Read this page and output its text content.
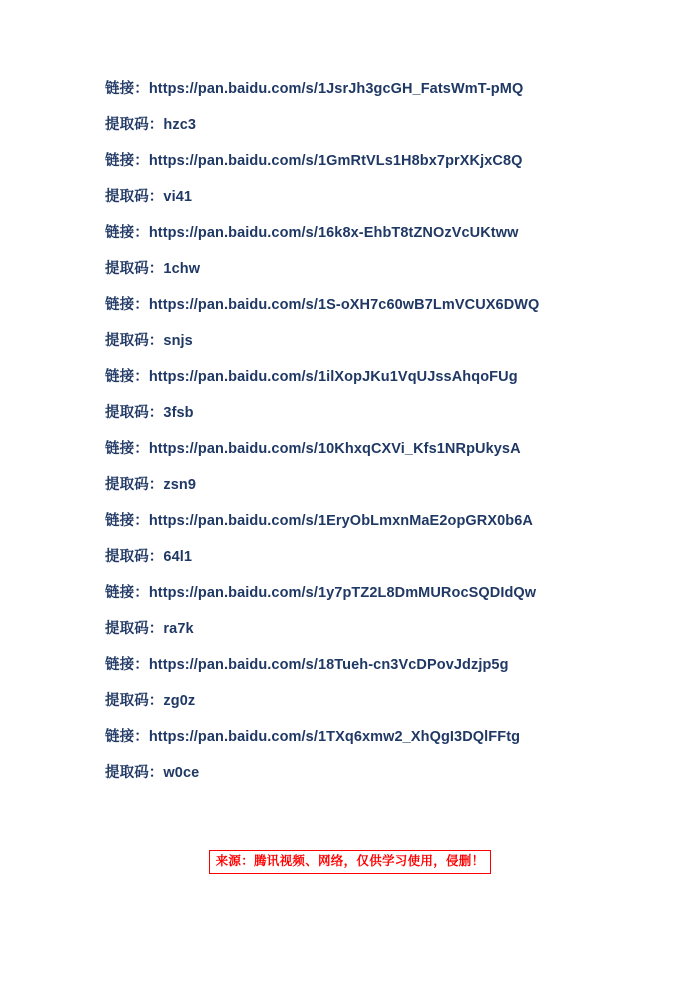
链接：https://pan.baidu.com/s/1JsrJh3gcGH_FatsWmT-pMQ
提取码：hzc3
链接：https://pan.baidu.com/s/1GmRtVLs1H8bx7prXKjxC8Q
提取码：vi41
链接：https://pan.baidu.com/s/16k8x-EhbT8tZNOzVcUKtww
提取码：1chw
链接：https://pan.baidu.com/s/1S-oXH7c60wB7LmVCUX6DWQ
提取码：snjs
链接：https://pan.baidu.com/s/1ilXopJKu1VqUJssAhqoFUg
提取码：3fsb
链接：https://pan.baidu.com/s/10KhxqCXVi_Kfs1NRpUkysA
提取码：zsn9
链接：https://pan.baidu.com/s/1EryObLmxnMaE2opGRX0b6A
提取码：64l1
链接：https://pan.baidu.com/s/1y7pTZ2L8DmMURocSQDIdQw
提取码：ra7k
链接：https://pan.baidu.com/s/18Tueh-cn3VcDPovJdzjp5g
提取码：zg0z
链接：https://pan.baidu.com/s/1TXq6xmw2_XhQgI3DQlFFtg
提取码：w0ce
来源：腾讯视频、网络，仅供学习使用，侵删！
